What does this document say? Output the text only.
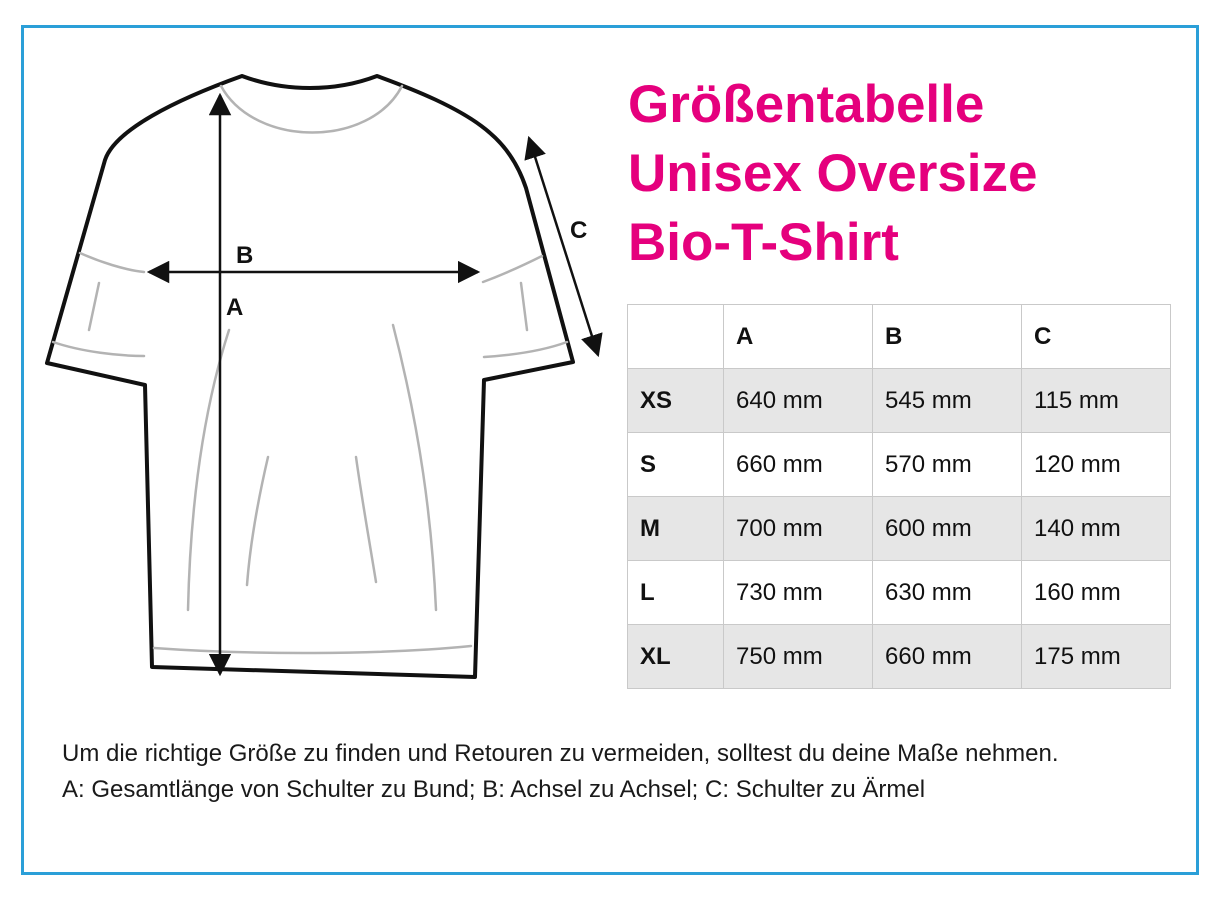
A
B
C
Größentabelle
Unisex Oversize
Bio-T-Shirt
	A	B	C
XS	640 mm	545 mm	115 mm
S	660 mm	570 mm	120 mm
M	700 mm	600 mm	140 mm
L	730 mm	630 mm	160 mm
XL	750 mm	660 mm	175 mm

Um die richtige Größe zu finden und Retouren zu vermeiden, solltest du deine Maße nehmen. A: Gesamtlänge von Schulter zu Bund; B: Achsel zu Achsel; C: Schulter zu Ärmel
